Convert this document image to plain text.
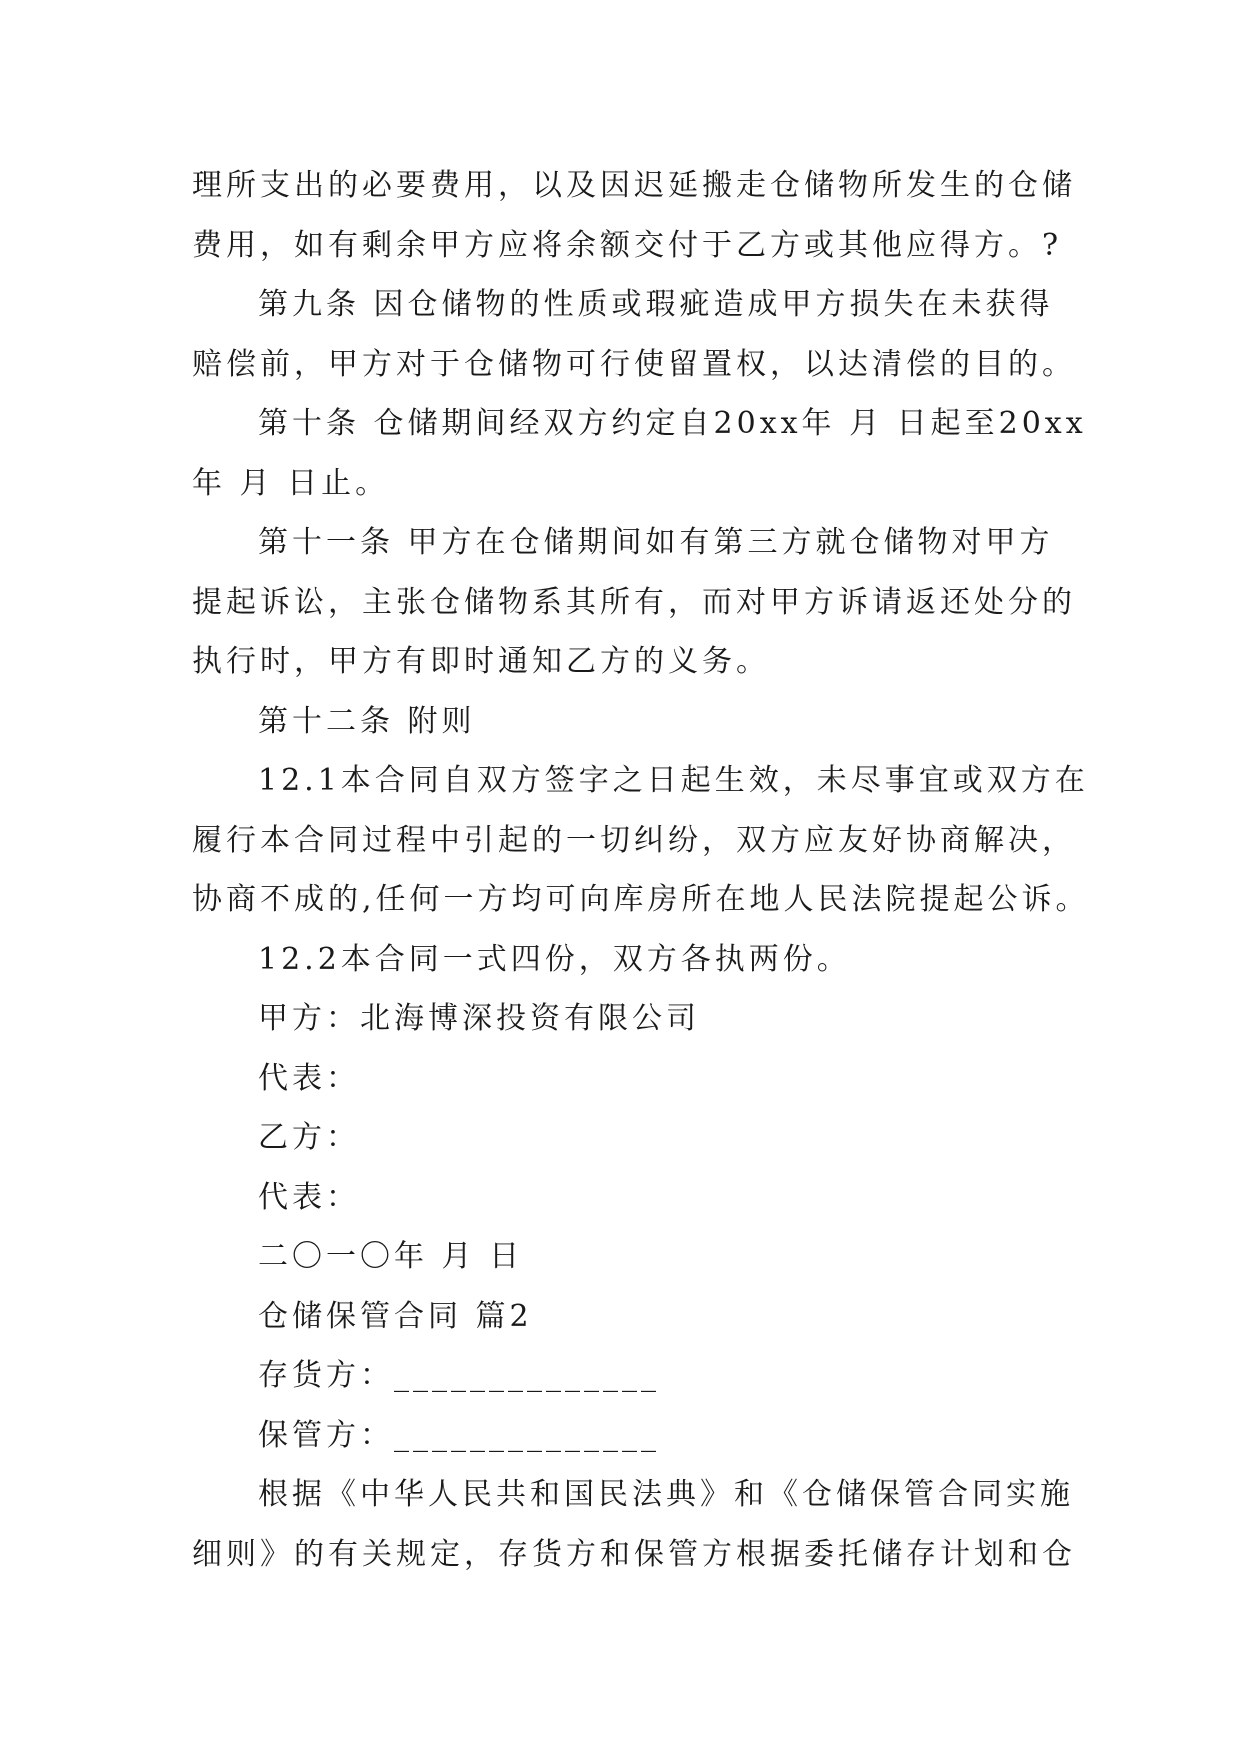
理所支出的必要费用，以及因迟延搬走仓储物所发生的仓储
费用，如有剩余甲方应将余额交付于乙方或其他应得方。?
第九条 因仓储物的性质或瑕疵造成甲方损失在未获得
赔偿前，甲方对于仓储物可行使留置权，以达清偿的目的。
第十条 仓储期间经双方约定自20xx年 月 日起至20xx
年 月 日止。
第十一条 甲方在仓储期间如有第三方就仓储物对甲方
提起诉讼，主张仓储物系其所有，而对甲方诉请返还处分的
执行时，甲方有即时通知乙方的义务。
第十二条 附则
12.1本合同自双方签字之日起生效，未尽事宜或双方在
履行本合同过程中引起的一切纠纷，双方应友好协商解决，
协商不成的,任何一方均可向库房所在地人民法院提起公诉。
12.2本合同一式四份，双方各执两份。
甲方：北海博深投资有限公司
代表：
乙方：
代表：
二〇一〇年 月 日
仓储保管合同 篇2
存货方：______________
保管方：______________
根据《中华人民共和国民法典》和《仓储保管合同实施
细则》的有关规定，存货方和保管方根据委托储存计划和仓
